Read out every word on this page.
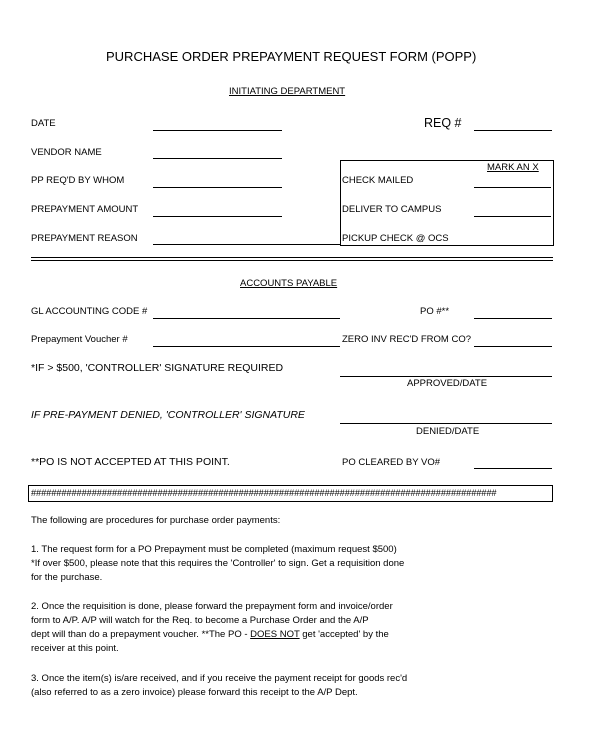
PURCHASE ORDER PREPAYMENT REQUEST FORM (POPP)
INITIATING DEPARTMENT
DATE	REQ #
VENDOR NAME
MARK AN X
PP REQ'D BY WHOM	CHECK MAILED
PREPAYMENT AMOUNT	DELIVER TO CAMPUS
PREPAYMENT REASON	PICKUP CHECK @ OCS
ACCOUNTS PAYABLE
GL ACCOUNTING CODE #	PO #**
Prepayment Voucher #	ZERO INV REC'D FROM CO?
*IF > $500, 'CONTROLLER' SIGNATURE REQUIRED
APPROVED/DATE
IF PRE-PAYMENT DENIED, 'CONTROLLER' SIGNATURE
DENIED/DATE
**PO IS NOT ACCEPTED AT THIS POINT.	PO CLEARED BY VO#
############################################################################################
The following are procedures for purchase order payments:
1. The request form for a PO Prepayment must be completed (maximum request $500)
*If over $500, please note that this requires the 'Controller' to sign. Get a requisition done
for the purchase.
2. Once the requisition is done, please forward the prepayment form and invoice/order
form to A/P. A/P will watch for the Req. to become a Purchase Order and the A/P
dept will than do a prepayment voucher. **The PO - DOES NOT get 'accepted' by the
receiver at this point.
3. Once the item(s) is/are received, and if you receive the payment receipt for goods rec'd
(also referred to as a zero invoice) please forward this receipt to the A/P Dept.
